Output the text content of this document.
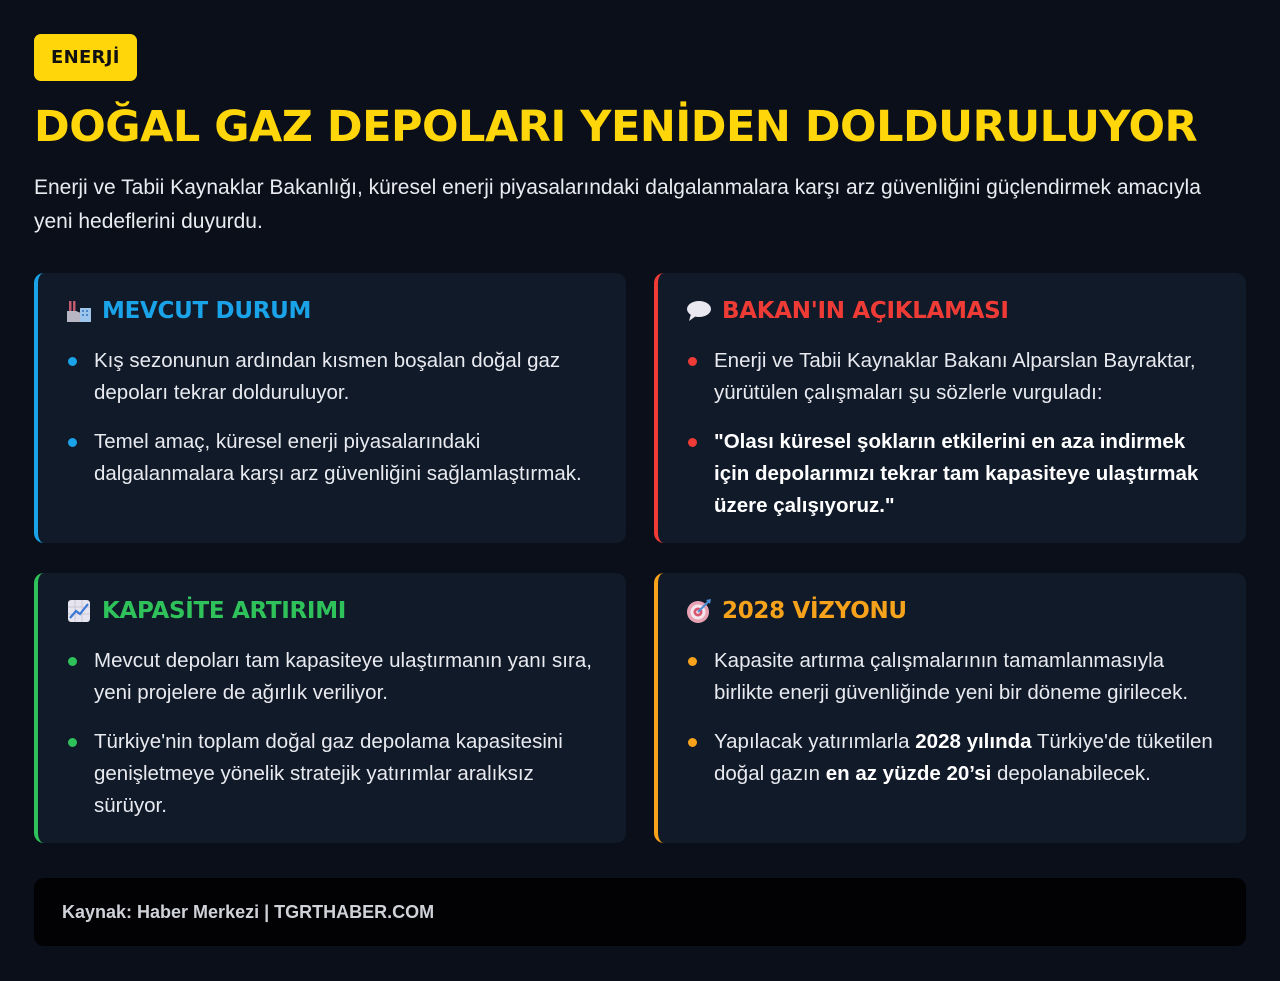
ENERJİ
DOĞAL GAZ DEPOLARI YENİDEN DOLDURULUYOR

Enerji ve Tabii Kaynaklar Bakanlığı, küresel enerji piyasalarındaki dalgalanmalara karşı arz güvenliğini güçlendirmek amacıyla yeni hedeflerini duyurdu.

MEVCUT DURUM
Kış sezonunun ardından kısmen boşalan doğal gaz depoları tekrar dolduruluyor.
Temel amaç, küresel enerji piyasalarındaki dalgalanmalara karşı arz güvenliğini sağlamlaştırmak.
BAKAN'IN AÇIKLAMASI
Enerji ve Tabii Kaynaklar Bakanı Alparslan Bayraktar, yürütülen çalışmaları şu sözlerle vurguladı:
"Olası küresel şokların etkilerini en aza indirmek için depolarımızı tekrar tam kapasiteye ulaştırmak üzere çalışıyoruz."
KAPASİTE ARTIRIMI
Mevcut depoları tam kapasiteye ulaştırmanın yanı sıra, yeni projelere de ağırlık veriliyor.
Türkiye'nin toplam doğal gaz depolama kapasitesini genişletmeye yönelik stratejik yatırımlar aralıksız sürüyor.
2028 VİZYONU
Kapasite artırma çalışmalarının tamamlanmasıyla birlikte enerji güvenliğinde yeni bir döneme girilecek.
Yapılacak yatırımlarla 2028 yılında Türkiye'de tüketilen doğal gazın en az yüzde 20’si depolanabilecek.
Kaynak: Haber Merkezi | TGRTHABER.COM
